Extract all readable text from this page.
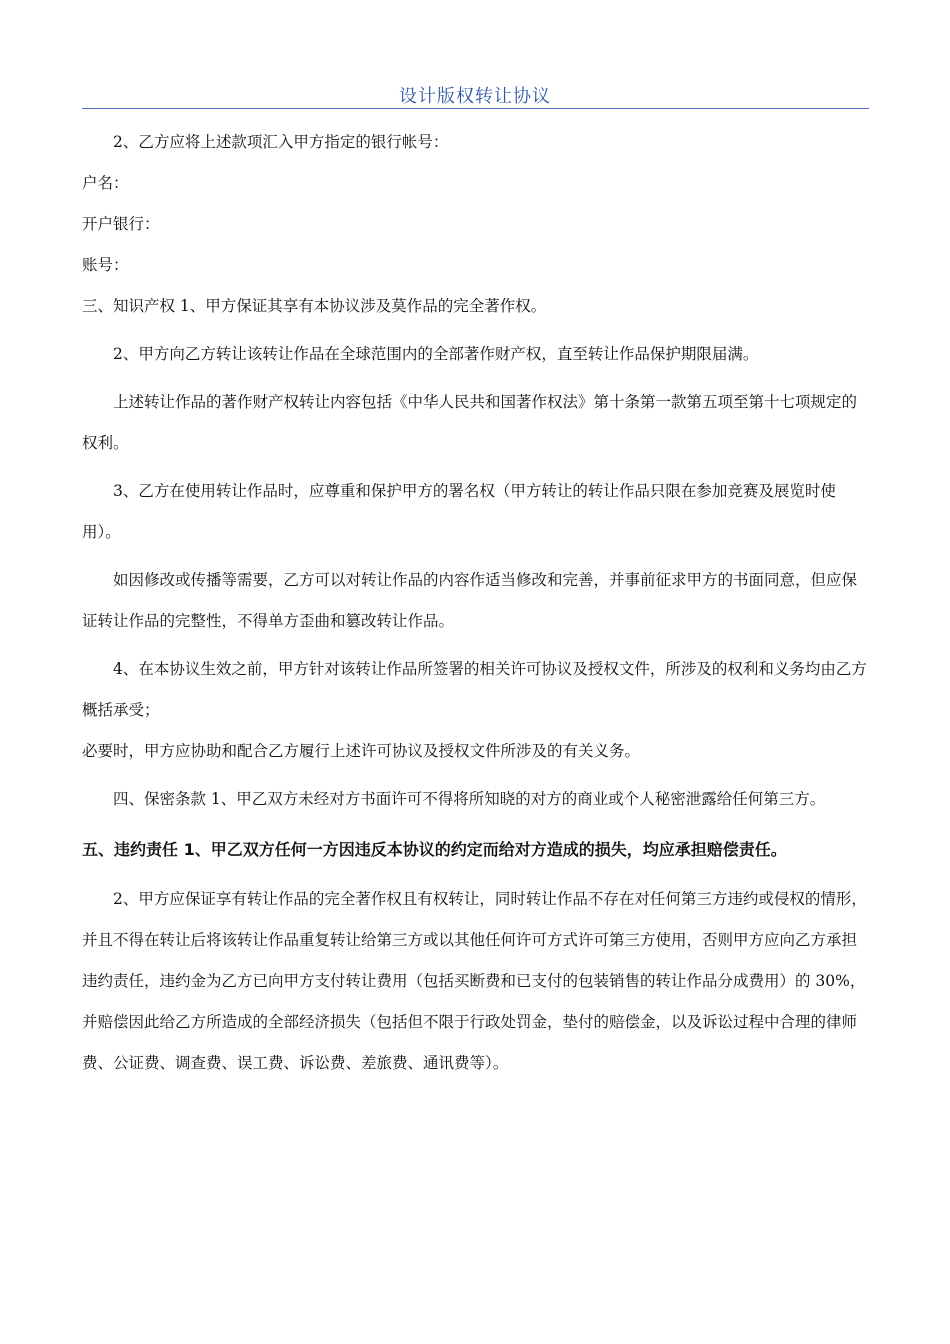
设计版权转让协议

2、乙方应将上述款项汇入甲方指定的银行帐号：

户名：

开户银行：

账号：

三、知识产权 1、甲方保证其享有本协议涉及莫作品的完全著作权。

2、甲方向乙方转让该转让作品在全球范围内的全部著作财产权，直至转让作品保护期限届满。

上述转让作品的著作财产权转让内容包括《中华人民共和国著作权法》第十条第一款第五项至第十七项规定的权利。

3、乙方在使用转让作品时，应尊重和保护甲方的署名权（甲方转让的转让作品只限在参加竞赛及展览时使用）。

如因修改或传播等需要，乙方可以对转让作品的内容作适当修改和完善，并事前征求甲方的书面同意，但应保证转让作品的完整性，不得单方歪曲和篡改转让作品。

4、在本协议生效之前，甲方针对该转让作品所签署的相关许可协议及授权文件，所涉及的权利和义务均由乙方概括承受；

必要时，甲方应协助和配合乙方履行上述许可协议及授权文件所涉及的有关义务。

四、保密条款 1、甲乙双方未经对方书面许可不得将所知晓的对方的商业或个人秘密泄露给任何第三方。

五、违约责任 1、甲乙双方任何一方因违反本协议的约定而给对方造成的损失，均应承担赔偿责任。

2、甲方应保证享有转让作品的完全著作权且有权转让，同时转让作品不存在对任何第三方违约或侵权的情形，并且不得在转让后将该转让作品重复转让给第三方或以其他任何许可方式许可第三方使用，否则甲方应向乙方承担违约责任，违约金为乙方已向甲方支付转让费用（包括买断费和已支付的包装销售的转让作品分成费用）的 30%，并赔偿因此给乙方所造成的全部经济损失（包括但不限于行政处罚金，垫付的赔偿金，以及诉讼过程中合理的律师费、公证费、调查费、误工费、诉讼费、差旅费、通讯费等）。
